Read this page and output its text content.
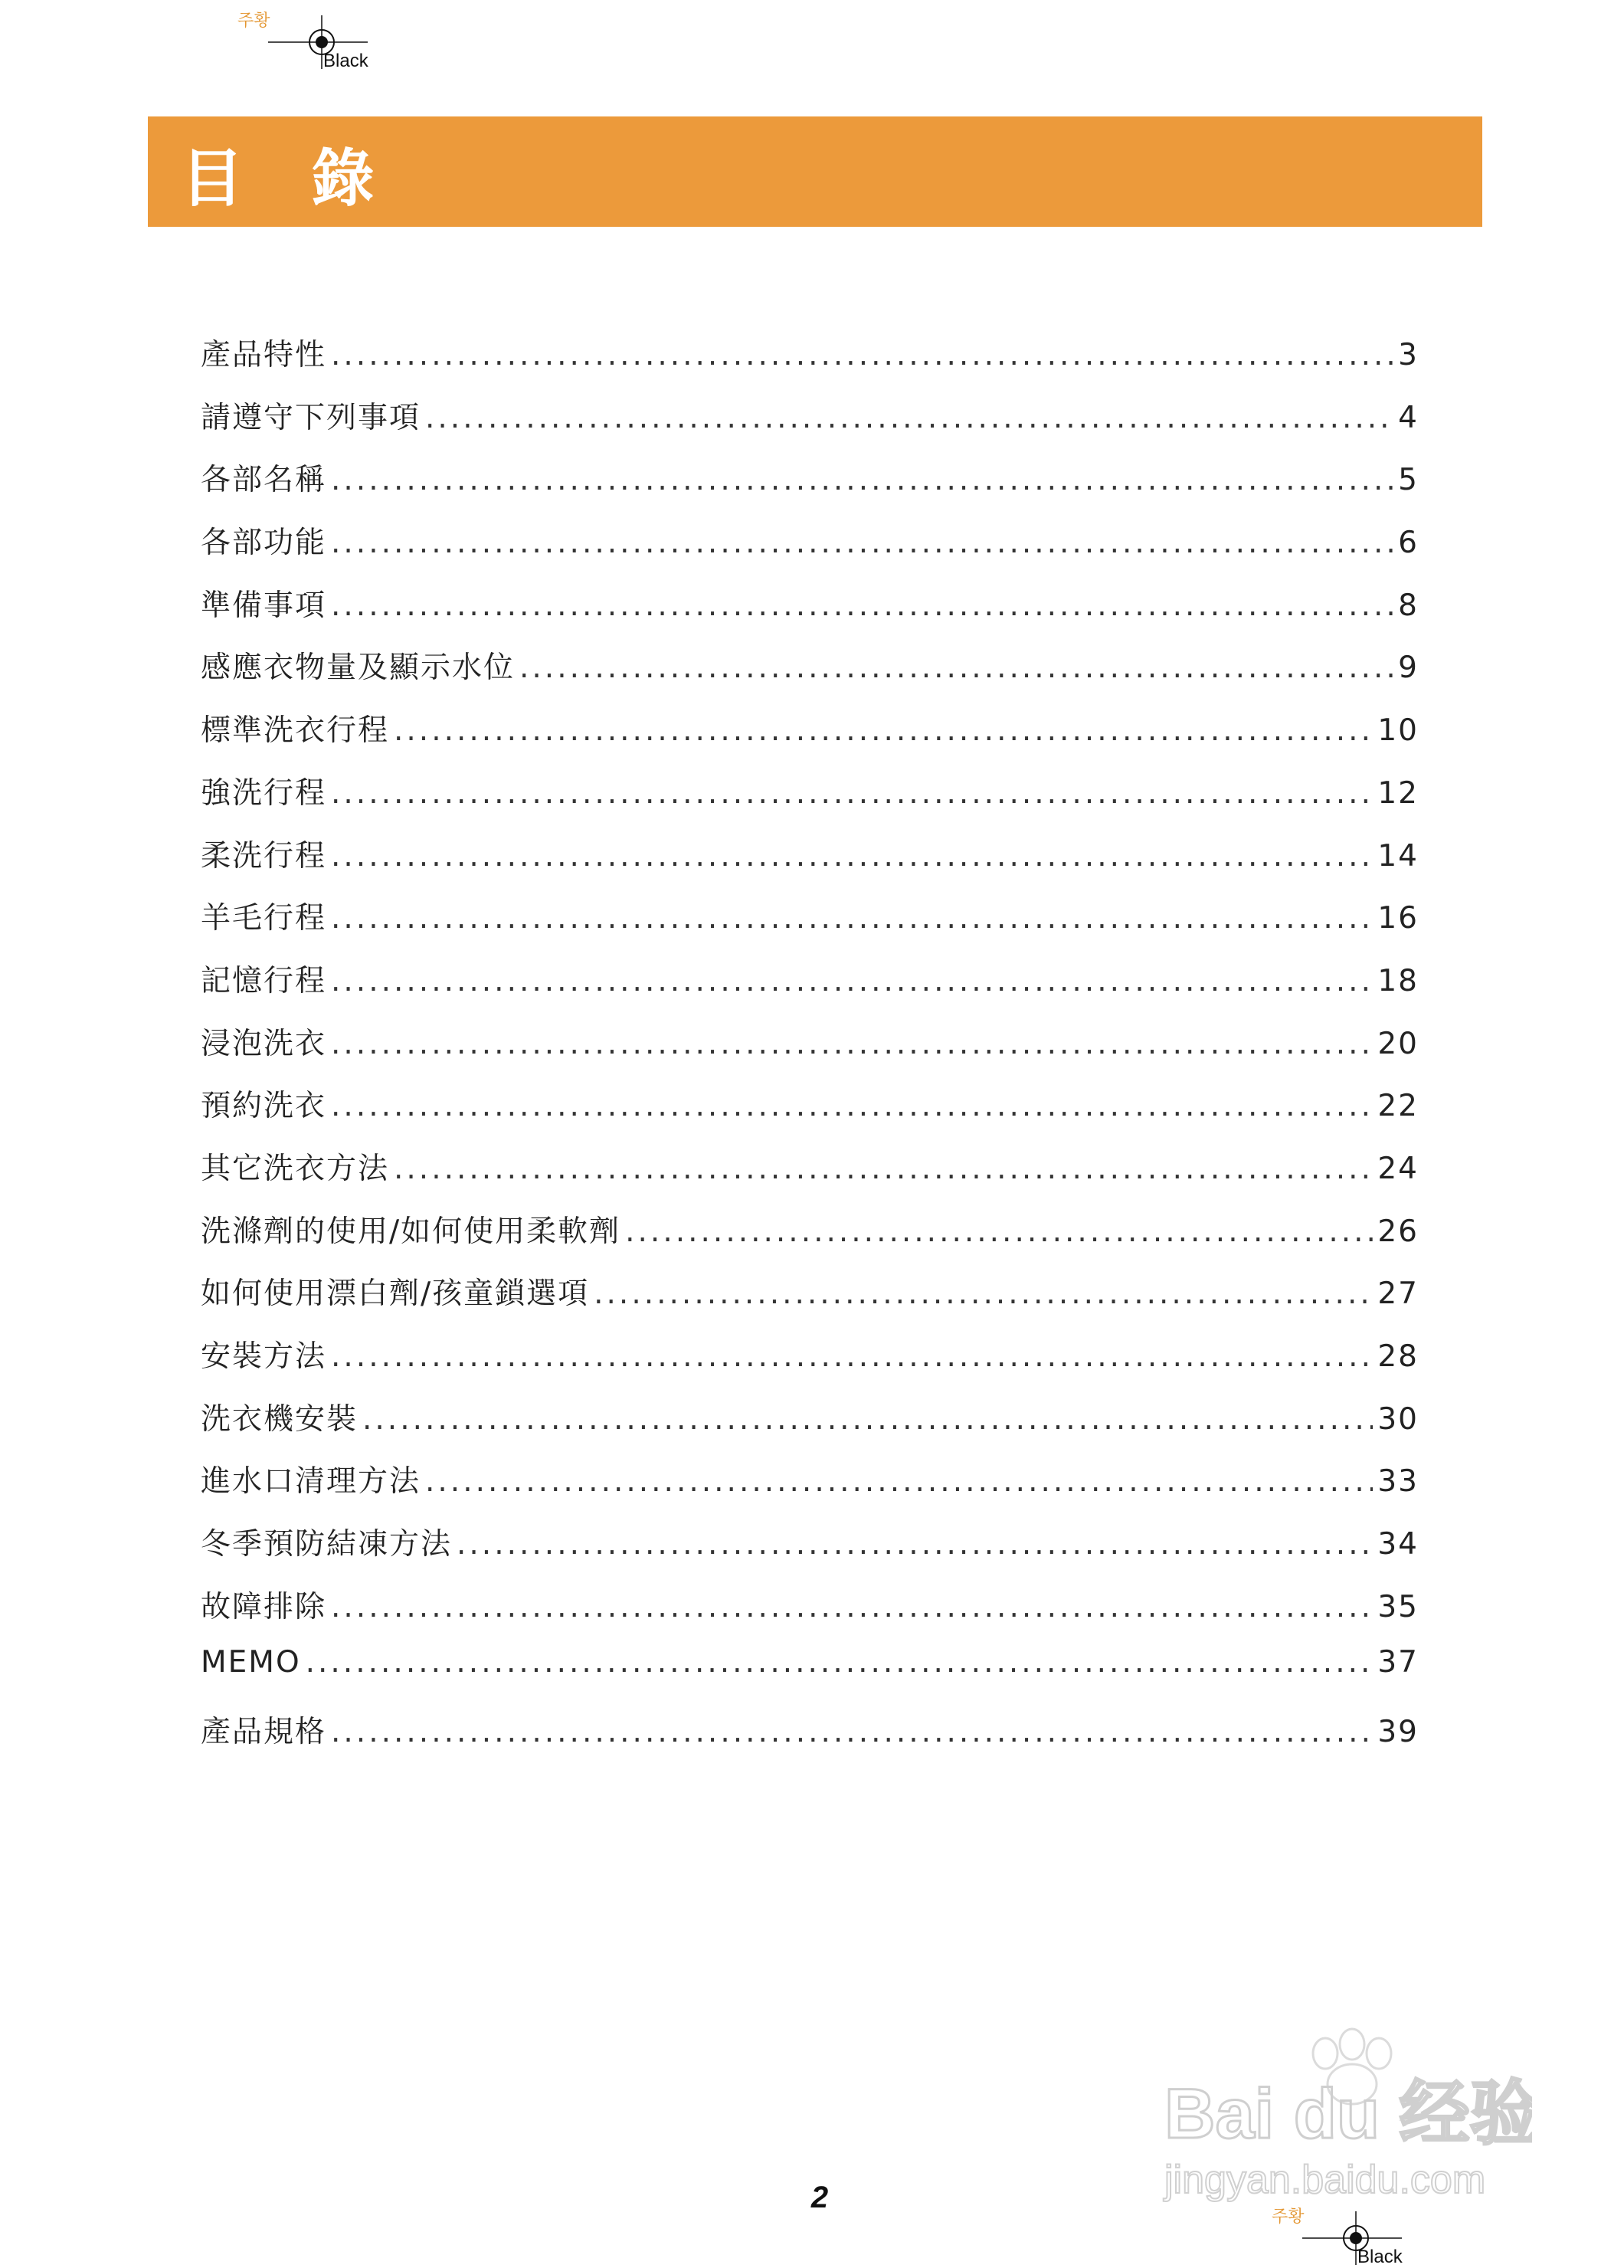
주황
Black
目 錄
產品特性 .....	3
請遵守下列事項 .....	4
各部名稱 .....	5
各部功能 .....	6
準備事項 .....	8
感應衣物量及顯示水位 .....	9
標準洗衣行程 .....	10
強洗行程 .....	12
柔洗行程 .....	14
羊毛行程 .....	16
記憶行程 .....	18
浸泡洗衣 .....	20
預約洗衣 .....	22
其它洗衣方法 .....	24
洗滌劑的使用/如何使用柔軟劑 .....	26
如何使用漂白劑/孩童鎖選項 .....	27
安裝方法 .....	28
洗衣機安裝 .....	30
進水口清理方法 .....	33
冬季預防結凍方法 .....	34
故障排除 .....	35
MEMO .....	37
產品規格 .....	39
2
Bai du 经验
jingyan.baidu.com
주황
Black
